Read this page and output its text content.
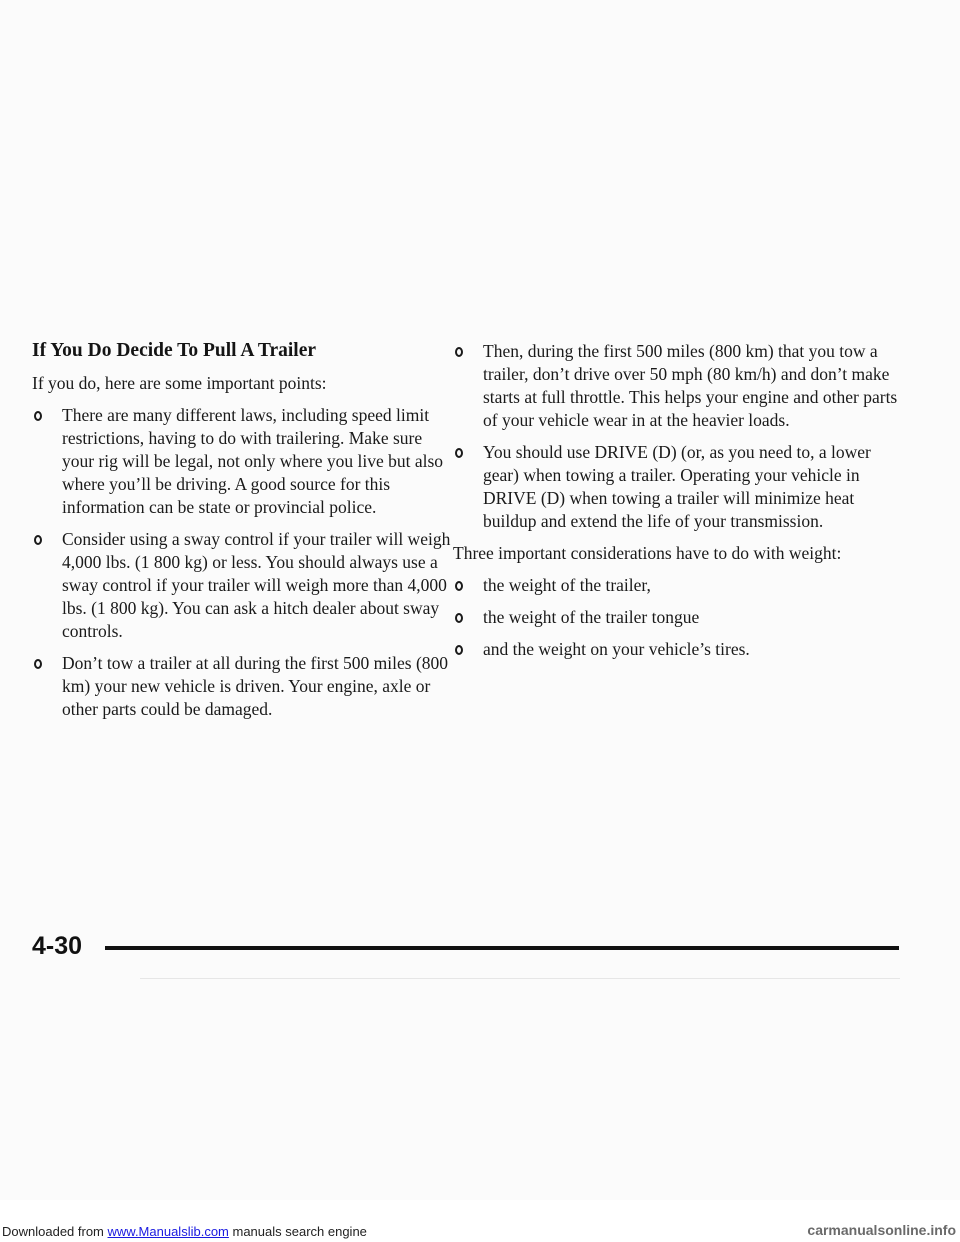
If You Do Decide To Pull A Trailer

If you do, here are some important points:

There are many different laws, including speed limit restrictions, having to do with trailering. Make sure your rig will be legal, not only where you live but also where you’ll be driving. A good source for this information can be state or provincial police.
Consider using a sway control if your trailer will weigh 4,000 lbs. (1 800 kg) or less. You should always use a sway control if your trailer will weigh more than 4,000 lbs. (1 800 kg). You can ask a hitch dealer about sway controls.
Don’t tow a trailer at all during the first 500 miles (800 km) your new vehicle is driven. Your engine, axle or other parts could be damaged.
Then, during the first 500 miles (800 km) that you tow a trailer, don’t drive over 50 mph (80 km/h) and don’t make starts at full throttle. This helps your engine and other parts of your vehicle wear in at the heavier loads.
You should use DRIVE (D) (or, as you need to, a lower gear) when towing a trailer. Operating your vehicle in DRIVE (D) when towing a trailer will minimize heat buildup and extend the life of your transmission.

Three important considerations have to do with weight:

the weight of the trailer,
the weight of the trailer tongue
and the weight on your vehicle’s tires.
4-30
Downloaded from www.Manualslib.com manuals search engine	carmanualsonline.info
